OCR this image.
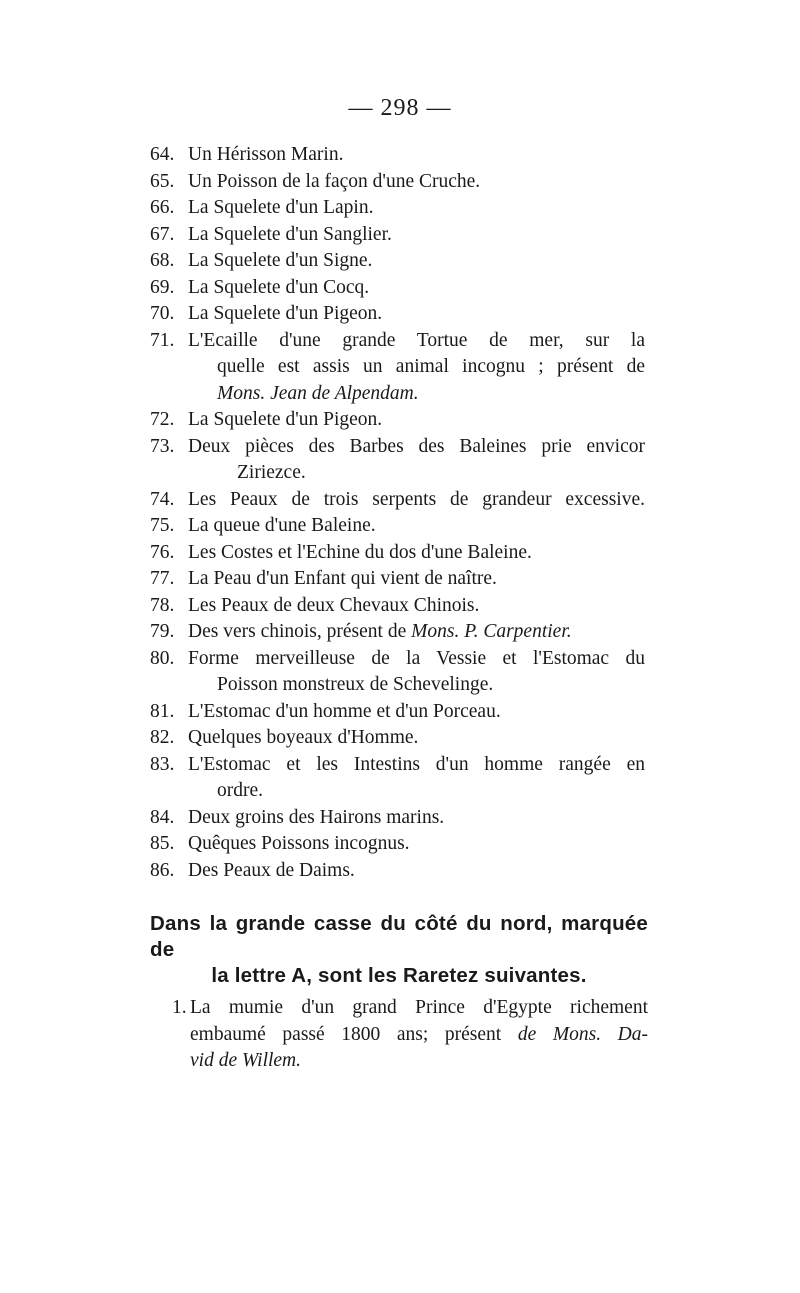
— 298 —
64. Un Hérisson Marin.
65. Un Poisson de la façon d'une Cruche.
66. La Squelete d'un Lapin.
67. La Squelete d'un Sanglier.
68. La Squelete d'un Signe.
69. La Squelete d'un Cocq.
70. La Squelete d'un Pigeon.
71. L'Ecaille d'une grande Tortue de mer, sur la
quelle est assis un animal incognu ; présent de
Mons. Jean de Alpendam.
72. La Squelete d'un Pigeon.
73. Deux pièces des Barbes des Baleines prie envicor
Ziriezce.
74. Les Peaux de trois serpents de grandeur excessive.
75. La queue d'une Baleine.
76. Les Costes et l'Echine du dos d'une Baleine.
77. La Peau d'un Enfant qui vient de naître.
78. Les Peaux de deux Chevaux Chinois.
79. Des vers chinois, présent de Mons. P. Carpentier.
80. Forme merveilleuse de la Vessie et l'Estomac du
Poisson monstreux de Schevelinge.
81. L'Estomac d'un homme et d'un Porceau.
82. Quelques boyeaux d'Homme.
83. L'Estomac et les Intestins d'un homme rangée en
ordre.
84. Deux groins des Hairons marins.
85. Quêques Poissons incognus.
86. Des Peaux de Daims.
Dans la grande casse du côté du nord, marquée de
la lettre A, sont les Raretez suivantes.
1. La mumie d'un grand Prince d'Egypte richement
embaumé passé 1800 ans; présent de Mons. Da-
vid de Willem.
